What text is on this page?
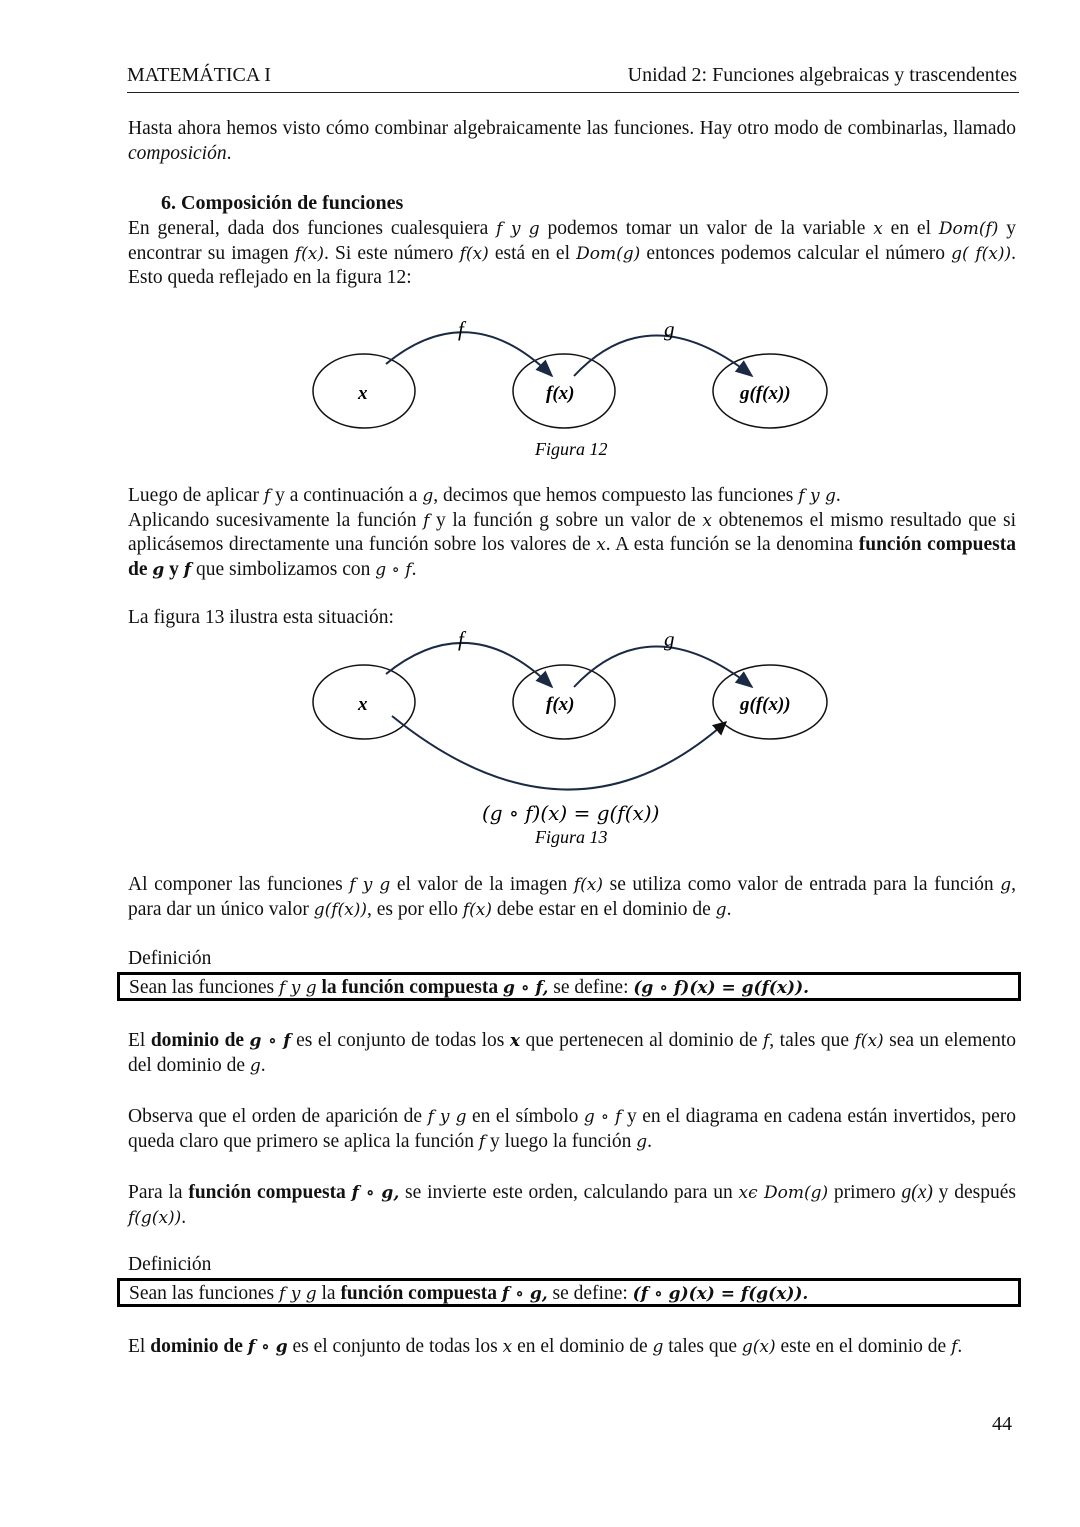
MATEMÁTICA I	Unidad 2: Funciones algebraicas y trascendentes

Hasta ahora hemos visto cómo combinar algebraicamente las funciones. Hay otro modo de combinarlas, llamado composición.

6. Composición de funciones

En general, dada dos funciones cualesquiera f y g podemos tomar un valor de la variable x en el Dom(f) y encontrar su imagen f(x). Si este número f(x) está en el Dom(g) entonces podemos calcular el número g( f(x)). Esto queda reflejado en la figura 12:

x	f(x)	g(f(x))
f	g
Figura 12
x	f(x)	g(f(x))
f	g
(g ∘ f)(x) = g(f(x))
Figura 13

Luego de aplicar f y a continuación a g, decimos que hemos compuesto las funciones f y g.
Aplicando sucesivamente la función f y la función g sobre un valor de x obtenemos el mismo resultado que si aplicásemos directamente una función sobre los valores de x. A esta función se la denomina función compuesta de g y f que simbolizamos con g ∘ f.

La figura 13 ilustra esta situación:

Al componer las funciones f y g el valor de la imagen f(x) se utiliza como valor de entrada para la función g, para dar un único valor g(f(x)), es por ello f(x) debe estar en el dominio de g.

Definición
Sean las funciones f y g la función compuesta g ∘ f, se define: (g ∘ f)(x) = g(f(x)).

El dominio de g ∘ f es el conjunto de todas los x que pertenecen al dominio de f, tales que f(x) sea un elemento del dominio de g.

Observa que el orden de aparición de f y g en el símbolo g ∘ f y en el diagrama en cadena están invertidos, pero queda claro que primero se aplica la función f y luego la función g.

Para la función compuesta f ∘ g, se invierte este orden, calculando para un xϵ Dom(g) primero g(x) y después f(g(x)).

Definición
Sean las funciones f y g la función compuesta f ∘ g, se define: (f ∘ g)(x) = f(g(x)).

El dominio de f ∘ g es el conjunto de todas los x en el dominio de g tales que g(x) este en el dominio de f.

44
